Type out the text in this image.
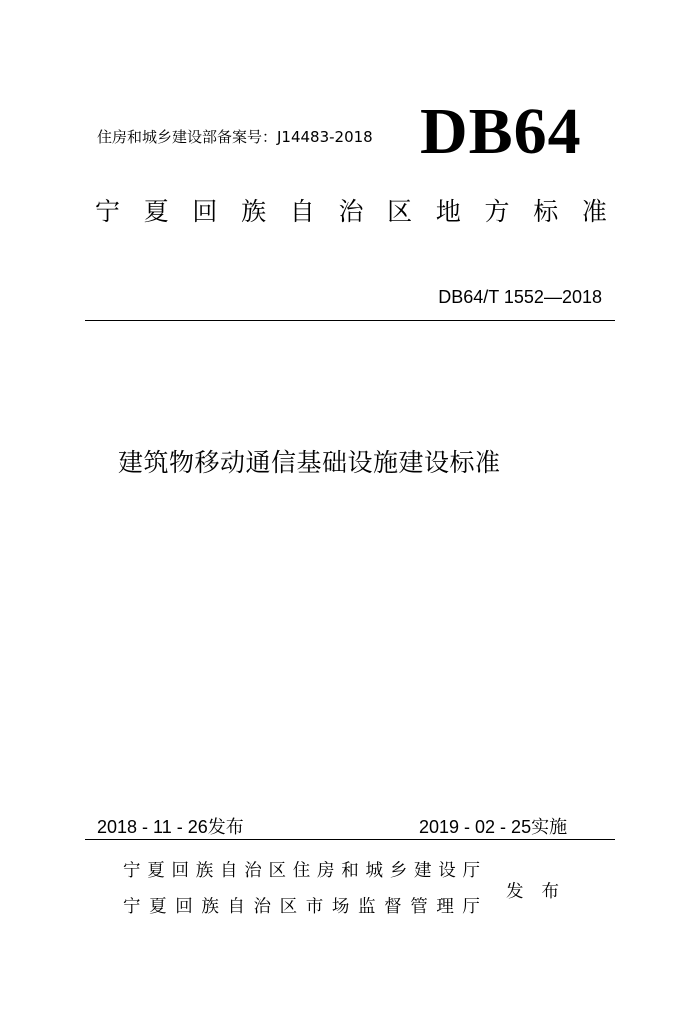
住房和城乡建设部备案号：J14483-2018 DB64
宁 夏 回 族 自 治 区 地 方 标 准
DB64/T 1552—2018
建筑物移动通信基础设施建设标准
2018 - 11 - 26发布	2019 - 02 - 25实施
宁 夏 回 族 自 治 区 住 房 和 城 乡 建 设 厅
宁 夏 回 族 自 治 区 市 场 监 督 管 理 厅
发 布
